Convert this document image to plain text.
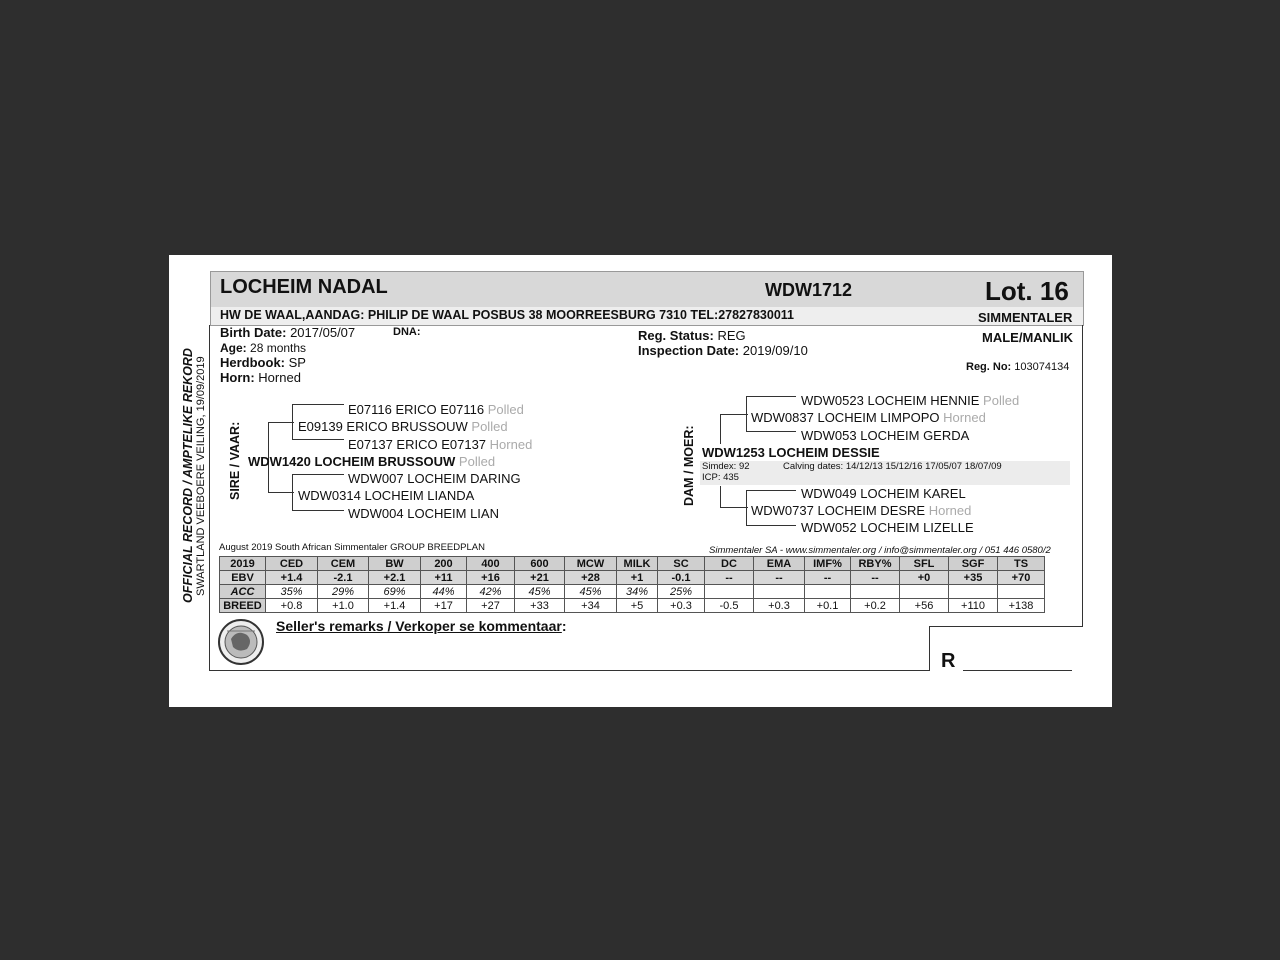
OFFICIAL RECORD / AMPTELIKE REKORD SWARTLAND VEEBOERE VEILING, 19/09/2019
LOCHEIM NADAL	WDW1712	Lot. 16
HW DE WAAL,AANDAG: PHILIP DE WAAL POSBUS 38 MOORREESBURG 7310 TEL:27827830011	SIMMENTALER
Birth Date: 2017/05/07	DNA:
Age: 28 months
Herdbook: SP
Horn: Horned
Reg. Status: REG
Inspection Date: 2019/09/10
MALE/MANLIK
Reg. No: 103074134
SIRE / VAAR:
E07116 ERICO E07116 Polled
E09139 ERICO BRUSSOUW Polled
E07137 ERICO E07137 Horned
WDW1420 LOCHEIM BRUSSOUW Polled
WDW007 LOCHEIM DARING
WDW0314 LOCHEIM LIANDA
WDW004 LOCHEIM LIAN
DAM / MOER:
WDW0523 LOCHEIM HENNIE Polled
WDW0837 LOCHEIM LIMPOPO Horned
WDW053 LOCHEIM GERDA
WDW1253 LOCHEIM DESSIE
Simdex: 92	Calving dates: 14/12/13 15/12/16 17/05/07 18/07/09
ICP: 435
WDW049 LOCHEIM KAREL
WDW0737 LOCHEIM DESRE Horned
WDW052 LOCHEIM LIZELLE
August 2019 South African Simmentaler GROUP BREEDPLAN	Simmentaler SA - www.simmentaler.org / info@simmentaler.org / 051 446 0580/2
2019	CED	CEM	BW	200	400	600	MCW	MILK	SC	DC	EMA	IMF%	RBY%	SFL	SGF	TS
EBV	+1.4	-2.1	+2.1	+11	+16	+21	+28	+1	-0.1	--	--	--	--	+0	+35	+70
ACC	35%	29%	69%	44%	42%	45%	45%	34%	25%							
BREED	+0.8	+1.0	+1.4	+17	+27	+33	+34	+5	+0.3	-0.5	+0.3	+0.1	+0.2	+56	+110	+138
Seller's remarks / Verkoper se kommentaar:
R
